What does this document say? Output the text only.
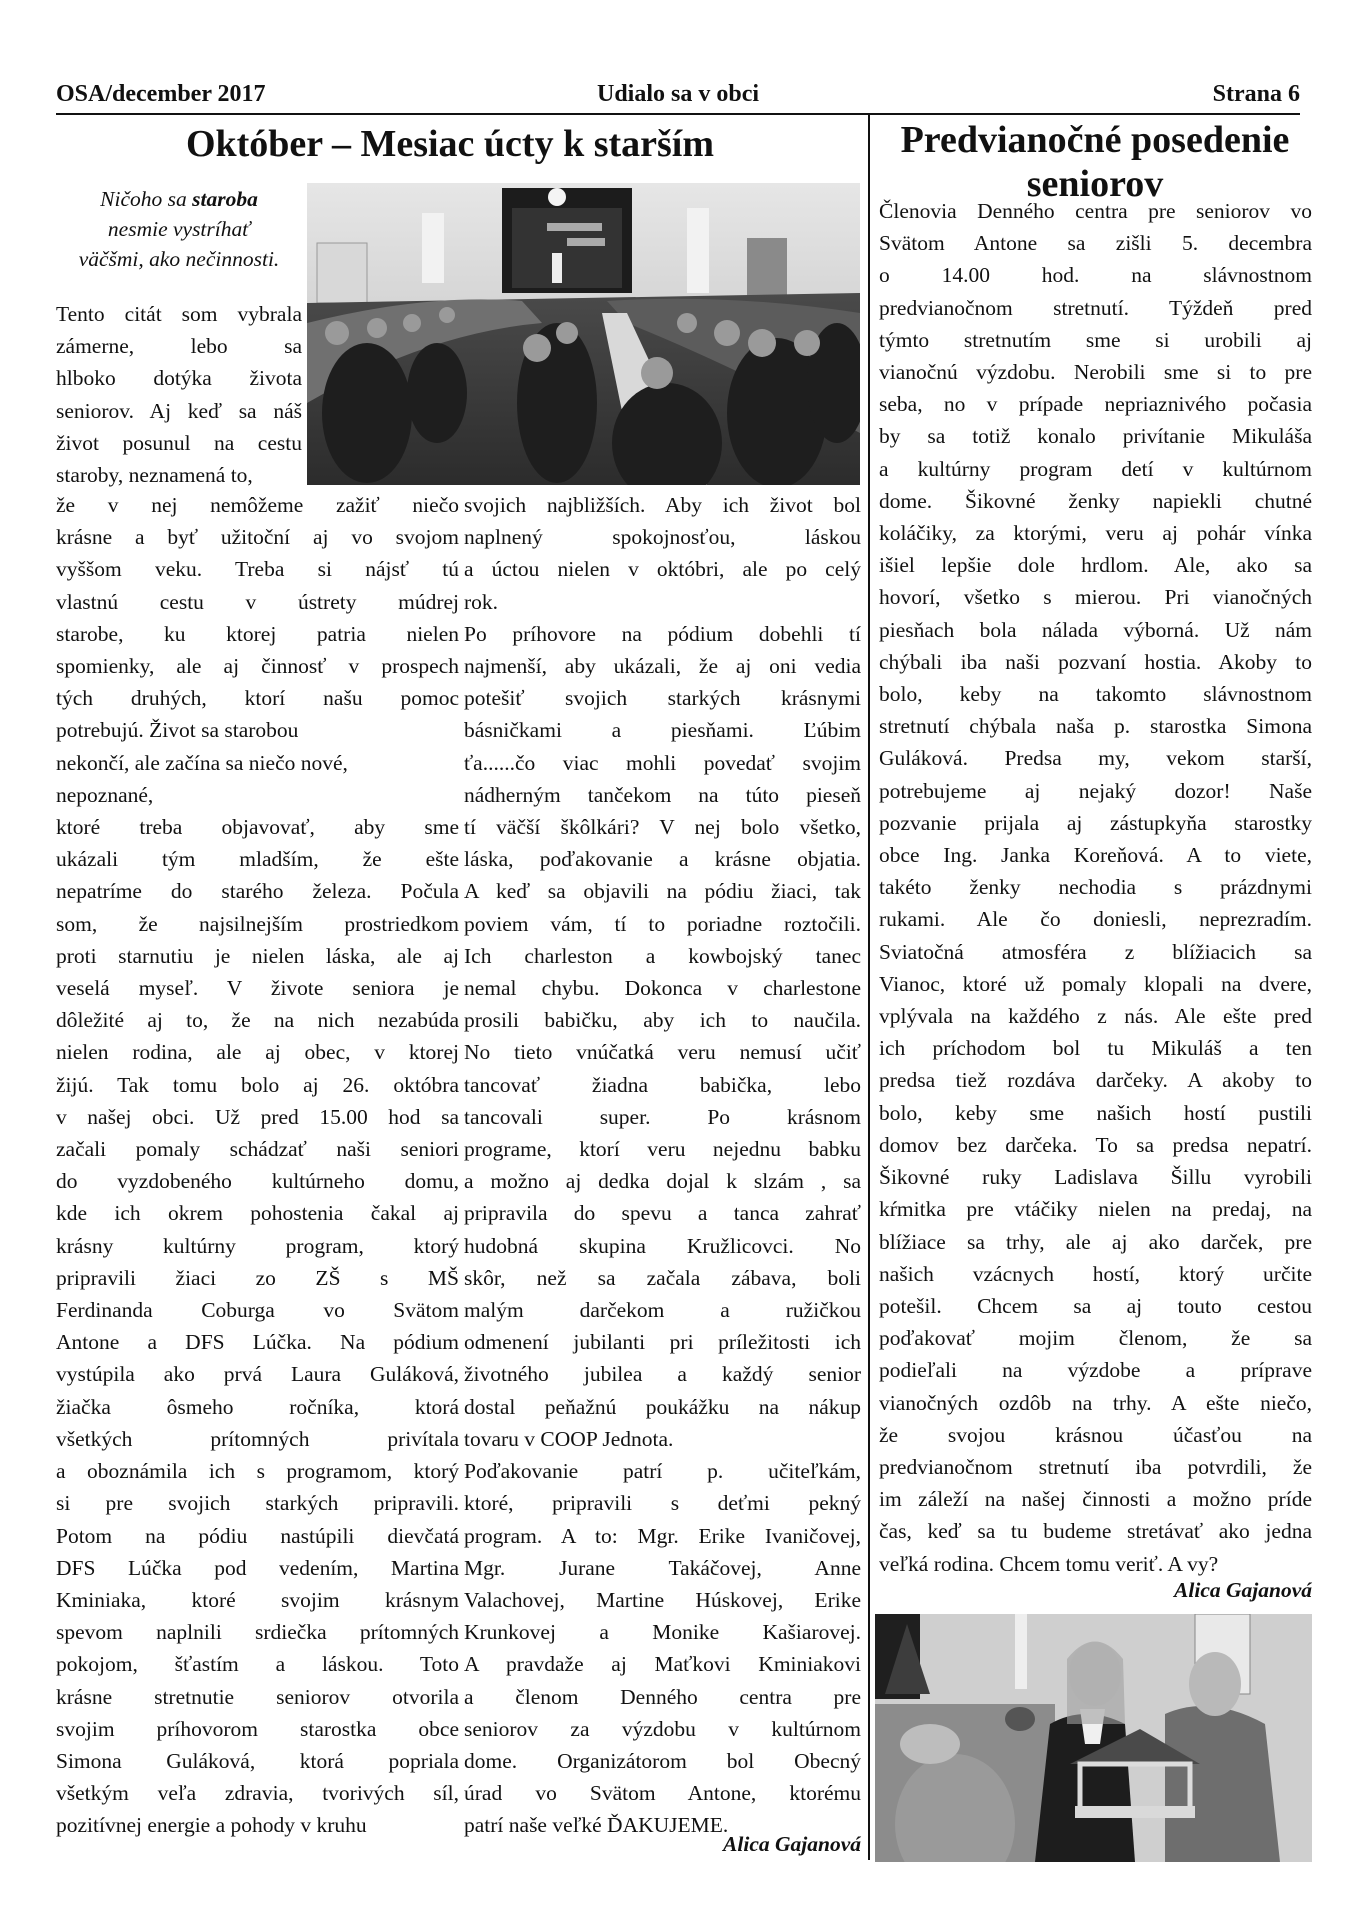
OSA/december 2017	Udialo sa v obci	Strana 6
Október – Mesiac úcty k starším
Ničoho sa staroba
nesmie vystríhať
väčšmi, ako nečinnosti.
Tento citát som vybrala
zámerne, lebo sa
hlboko dotýka života
seniorov. Aj keď sa náš
život posunul na cestu
staroby, neznamená to,
že v nej nemôžeme zažiť niečo
krásne a byť užitoční aj vo svojom
vyššom veku. Treba si nájsť tú
vlastnú cestu v ústrety múdrej
starobe, ku ktorej patria nielen
spomienky, ale aj činnosť v prospech
tých druhých, ktorí našu pomoc
potrebujú. Život sa starobou
nekončí, ale začína sa niečo nové,
nepoznané,
ktoré treba objavovať, aby sme
ukázali tým mladším, že ešte
nepatríme do starého železa. Počula
som, že najsilnejším prostriedkom
proti starnutiu je nielen láska, ale aj
veselá myseľ. V živote seniora je
dôležité aj to, že na nich nezabúda
nielen rodina, ale aj obec, v ktorej
žijú. Tak tomu bolo aj 26. októbra
v našej obci. Už pred 15.00 hod sa
začali pomaly schádzať naši seniori
do vyzdobeného kultúrneho domu,
kde ich okrem pohostenia čakal aj
krásny kultúrny program, ktorý
pripravili žiaci zo ZŠ s MŠ
Ferdinanda Coburga vo Svätom
Antone a DFS Lúčka. Na pódium
vystúpila ako prvá Laura Guláková,
žiačka ôsmeho ročníka, ktorá
všetkých prítomných privítala
a oboznámila ich s programom, ktorý
si pre svojich starkých pripravili.
Potom na pódiu nastúpili dievčatá
DFS Lúčka pod vedením, Martina
Kminiaka, ktoré svojim krásnym
spevom naplnili srdiečka prítomných
pokojom, šťastím a láskou. Toto
krásne stretnutie seniorov otvorila
svojim príhovorom starostka obce
Simona Guláková, ktorá popriala
všetkým veľa zdravia, tvorivých síl,
pozitívnej energie a pohody v kruhu
svojich najbližších. Aby ich život bol
naplnený spokojnosťou, láskou
a úctou nielen v októbri, ale po celý
rok.
Po príhovore na pódium dobehli tí
najmenší, aby ukázali, že aj oni vedia
potešiť svojich starkých krásnymi
básničkami a piesňami. Ľúbim
ťa......čo viac mohli povedať svojim
nádherným tančekom na túto pieseň
tí väčší škôlkári? V nej bolo všetko,
láska, poďakovanie a krásne objatia.
A keď sa objavili na pódiu žiaci, tak
poviem vám, tí to poriadne roztočili.
Ich charleston a kowbojský tanec
nemal chybu. Dokonca v charlestone
prosili babičku, aby ich to naučila.
No tieto vnúčatká veru nemusí učiť
tancovať žiadna babička, lebo
tancovali super. Po krásnom
programe, ktorí veru nejednu babku
a možno aj dedka dojal k slzám , sa
pripravila do spevu a tanca zahrať
hudobná skupina Kružlicovci. No
skôr, než sa začala zábava, boli
malým darčekom a ružičkou
odmenení jubilanti pri príležitosti ich
životného jubilea a každý senior
dostal peňažnú poukážku na nákup
tovaru v COOP Jednota.
Poďakovanie patrí p. učiteľkám,
ktoré, pripravili s deťmi pekný
program. A to: Mgr. Erike Ivaničovej,
Mgr. Jurane Takáčovej, Anne
Valachovej, Martine Húskovej, Erike
Krunkovej a Monike Kašiarovej.
A pravdaže aj Maťkovi Kminiakovi
a členom Denného centra pre
seniorov za výzdobu v kultúrnom
dome. Organizátorom bol Obecný
úrad vo Svätom Antone, ktorému
patrí naše veľké ĎAKUJEME.
Alica Gajanová
Predvianočné posedenie seniorov
Členovia Denného centra pre seniorov vo
Svätom Antone sa zišli 5. decembra
o 14.00 hod. na slávnostnom
predvianočnom stretnutí. Týždeň pred
týmto stretnutím sme si urobili aj
vianočnú výzdobu. Nerobili sme si to pre
seba, no v prípade nepriaznivého počasia
by sa totiž konalo privítanie Mikuláša
a kultúrny program detí v kultúrnom
dome. Šikovné ženky napiekli chutné
koláčiky, za ktorými, veru aj pohár vínka
išiel lepšie dole hrdlom. Ale, ako sa
hovorí, všetko s mierou. Pri vianočných
piesňach bola nálada výborná. Už nám
chýbali iba naši pozvaní hostia. Akoby to
bolo, keby na takomto slávnostnom
stretnutí chýbala naša p. starostka Simona
Guláková. Predsa my, vekom starší,
potrebujeme aj nejaký dozor! Naše
pozvanie prijala aj zástupkyňa starostky
obce Ing. Janka Koreňová. A to viete,
takéto ženky nechodia s prázdnymi
rukami. Ale čo doniesli, neprezradím.
Sviatočná atmosféra z blížiacich sa
Vianoc, ktoré už pomaly klopali na dvere,
vplývala na každého z nás. Ale ešte pred
ich príchodom bol tu Mikuláš a ten
predsa tiež rozdáva darčeky. A akoby to
bolo, keby sme našich hostí pustili
domov bez darčeka. To sa predsa nepatrí.
Šikovné ruky Ladislava Šillu vyrobili
kŕmitka pre vtáčiky nielen na predaj, na
blížiace sa trhy, ale aj ako darček, pre
našich vzácnych hostí, ktorý určite
potešil. Chcem sa aj touto cestou
poďakovať mojim členom, že sa
podieľali na výzdobe a príprave
vianočných ozdôb na trhy. A ešte niečo,
že svojou krásnou účasťou na
predvianočnom stretnutí iba potvrdili, že
im záleží na našej činnosti a možno príde
čas, keď sa tu budeme stretávať ako jedna
veľká rodina. Chcem tomu veriť. A vy?
Alica Gajanová
